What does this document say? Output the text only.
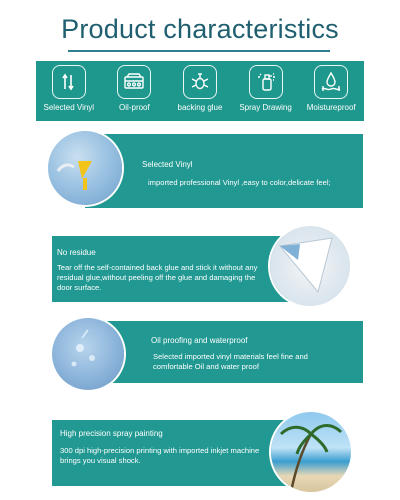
Product characteristics
Selected Vinyl	Oil-proof	backing glue Spray Drawing Moistureproof
Selected Vinyl
imported professional Vinyl ,easy to color,delicate feel;
No residue
Tear off the self-contained back glue and stick it without any residual glue,without peeling off the glue and damaging the door surface.
Oil proofing and waterproof
Selected imported vinyl materials feel fine and comfortable Oil and water proof
High precision spray painting
300 dpi high-precision printing with imported inkjet machine brings you visual shock.
